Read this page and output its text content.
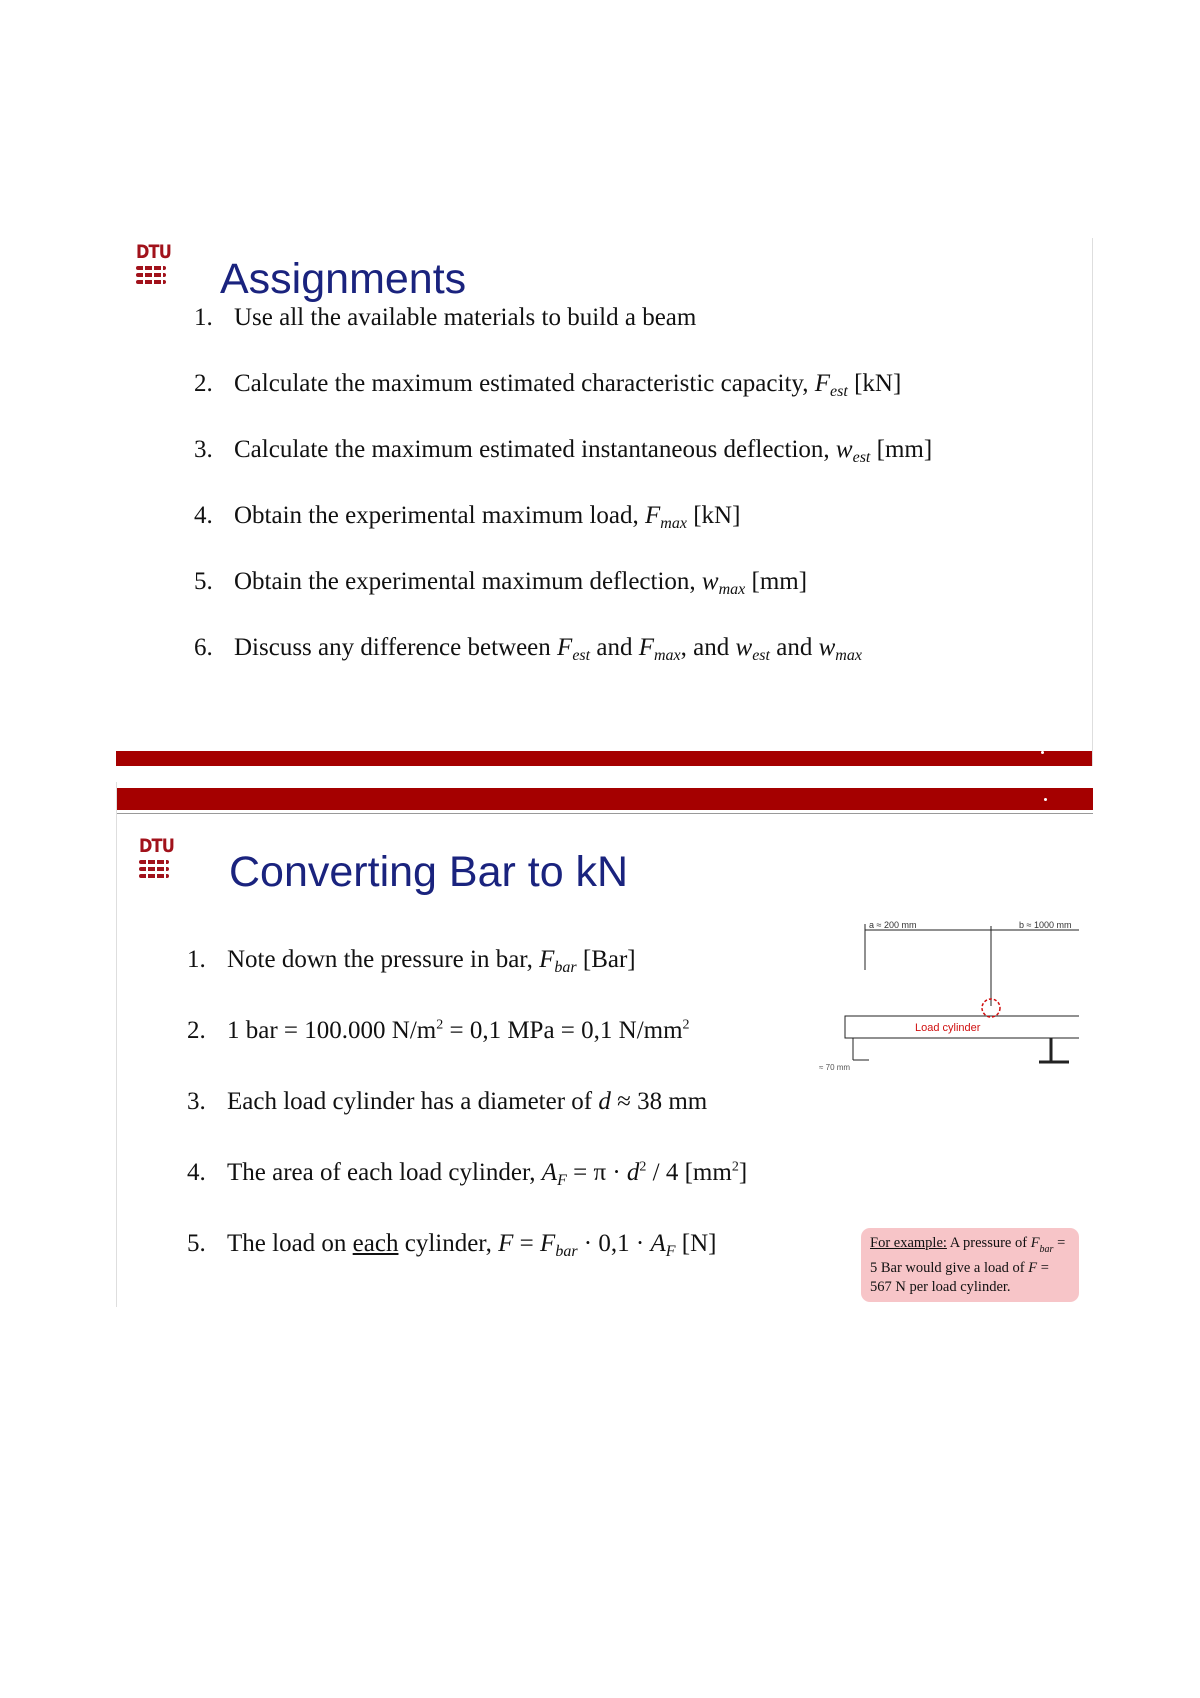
DTU
Assignments
1. Use all the available materials to build a beam
2. Calculate the maximum estimated characteristic capacity, $F_{est}$ [kN]
3. Calculate the maximum estimated instantaneous deflection, $w_{est}$ [mm]
4. Obtain the experimental maximum load, $F_{max}$ [kN]
5. Obtain the experimental maximum deflection, $w_{max}$ [mm]
6. Discuss any difference between $F_{est}$ and $F_{max}$, and $w_{est}$ and $w_{max}$
DTU
Converting Bar to kN
1. Note down the pressure in bar, $F_{bar}$ [Bar]
2. 1 bar = 100.000 $N/m^2 = 0,1$ MPa = 0,1 $N/mm^2$
3. Each load cylinder has a diameter of d ≈ 38 mm
4. The area of each load cylinder, $A_F = \pi \cdot d^2 / 4$ $[mm^2]$
5. The load on each cylinder, $F = F_{bar} \cdot 0,1 \cdot A_F$ [N]
a ≈ 200 mm	b ≈ 1000 mm
Load cylinder
≈ 70 mm
For example: A pressure of $F_{bar} = 5$ Bar would give a load of F = 567 N per load cylinder.
